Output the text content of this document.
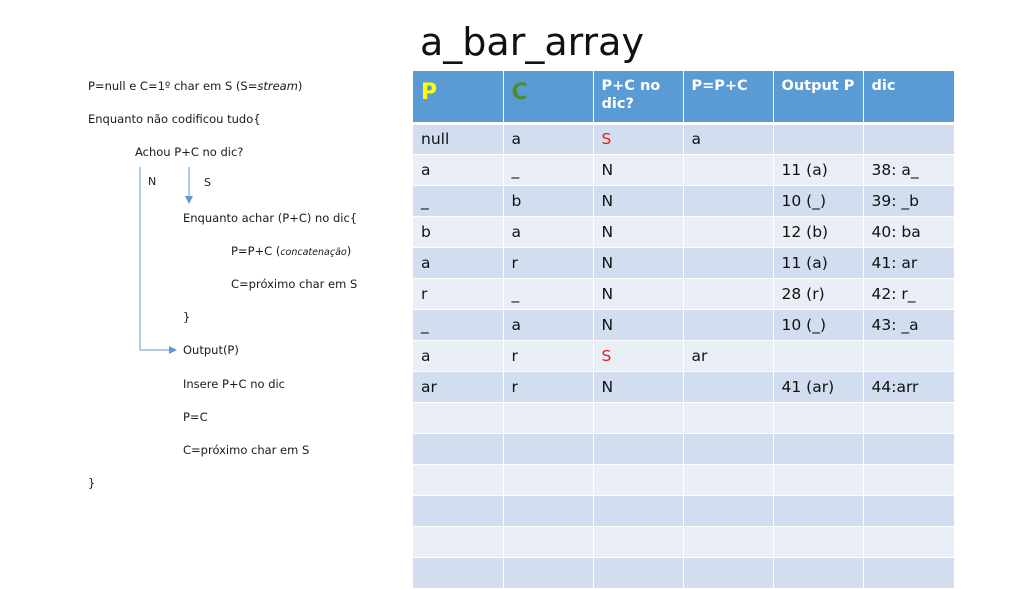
a_bar_array
P=null e C=1º char em S (S=stream)
Enquanto não codificou tudo{
Achou P+C no dic?
N	S
Enquanto achar (P+C) no dic{
P=P+C (concatenação)
C=próximo char em S
}
Output(P)
Insere P+C no dic
P=C
C=próximo char em S
}
P	C	P+C no dic?	P=P+C	Output P	dic
null	a	S	a		
a	_	N		11 (a)	38: a_
_	b	N		10 (_)	39: _b
b	a	N		12 (b)	40: ba
a	r	N		11 (a)	41: ar
r	_	N		28 (r)	42: r_
_	a	N		10 (_)	43: _a
a	r	S	ar		
ar	r	N		41 (ar)	44:arr
